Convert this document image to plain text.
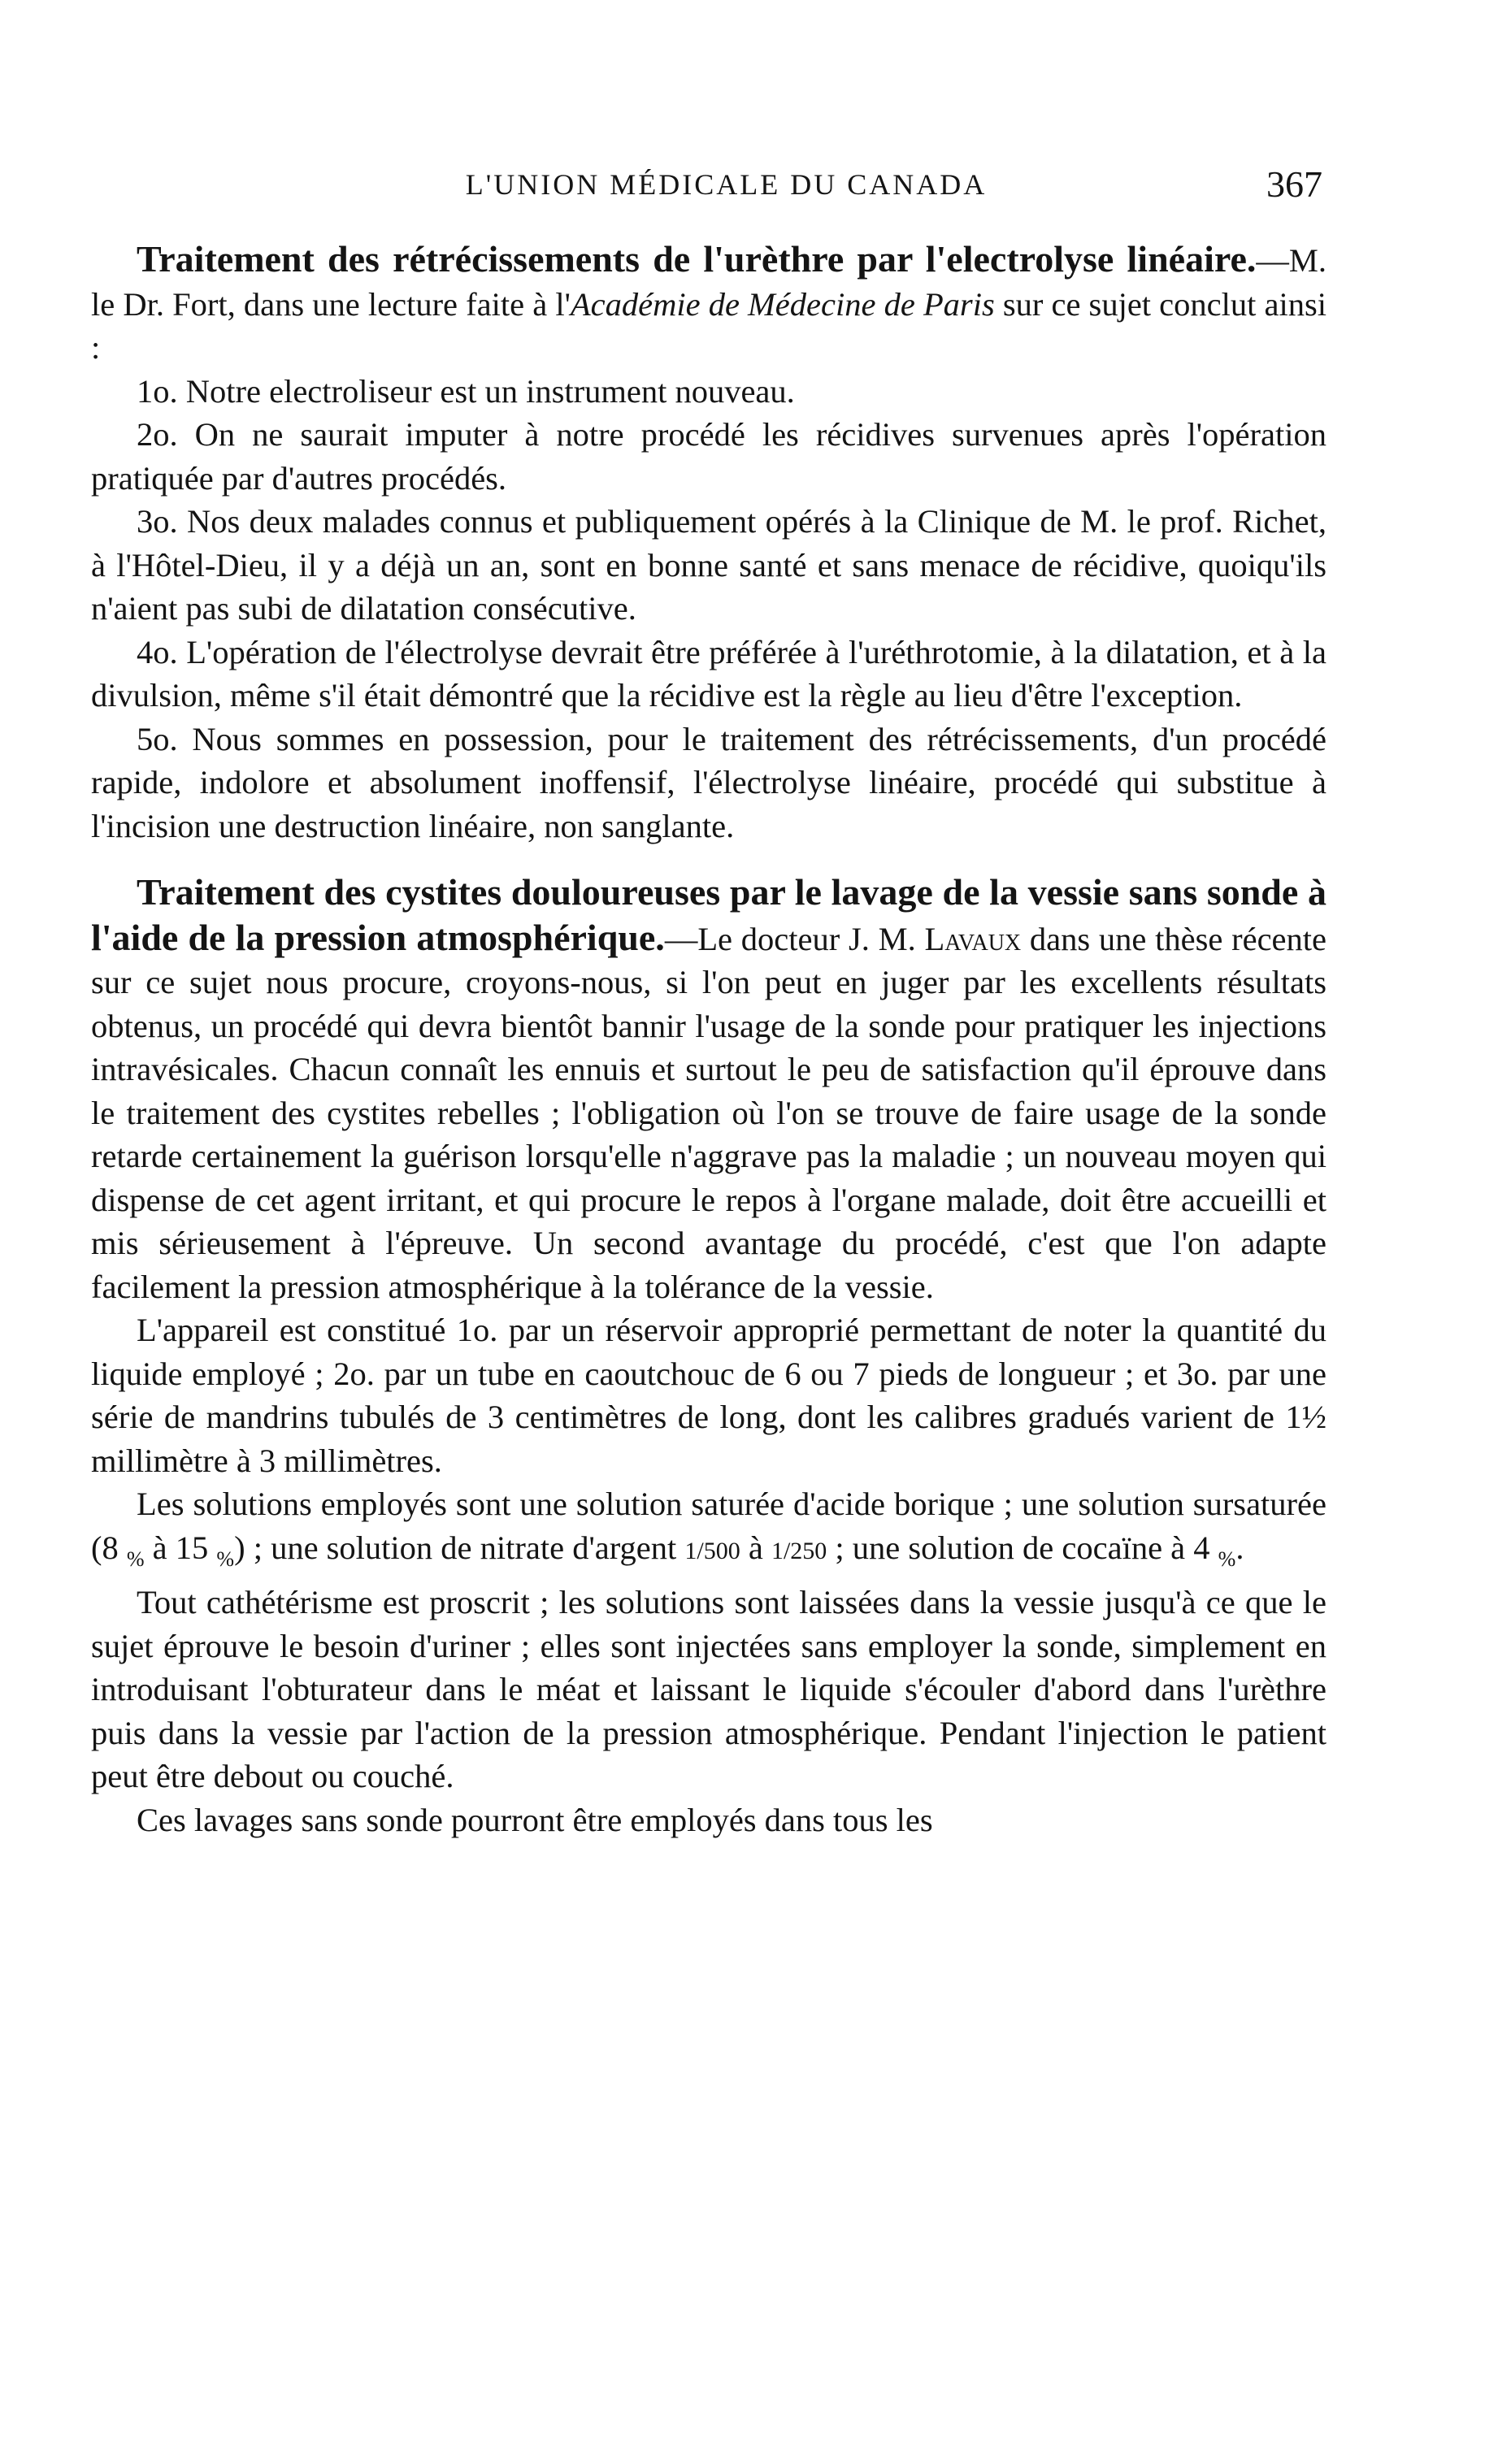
L'UNION MÉDICALE DU CANADA	367

Traitement des rétrécissements de l'urèthre par l'electrolyse linéaire.—M. le Dr. Fort, dans une lecture faite à l'Académie de Médecine de Paris sur ce sujet conclut ainsi :

1o. Notre electroliseur est un instrument nouveau.

2o. On ne saurait imputer à notre procédé les récidives survenues après l'opération pratiquée par d'autres procédés.

3o. Nos deux malades connus et publiquement opérés à la Clinique de M. le prof. Richet, à l'Hôtel-Dieu, il y a déjà un an, sont en bonne santé et sans menace de récidive, quoiqu'ils n'aient pas subi de dilatation consécutive.

4o. L'opération de l'électrolyse devrait être préférée à l'uréthrotomie, à la dilatation, et à la divulsion, même s'il était démontré que la récidive est la règle au lieu d'être l'exception.

5o. Nous sommes en possession, pour le traitement des rétrécissements, d'un procédé rapide, indolore et absolument inoffensif, l'électrolyse linéaire, procédé qui substitue à l'incision une destruction linéaire, non sanglante.

Traitement des cystites douloureuses par le lavage de la vessie sans sonde à l'aide de la pression atmosphérique.—Le docteur J. M. Lavaux dans une thèse récente sur ce sujet nous procure, croyons-nous, si l'on peut en juger par les excellents résultats obtenus, un procédé qui devra bientôt bannir l'usage de la sonde pour pratiquer les injections intravésicales. Chacun connaît les ennuis et surtout le peu de satisfaction qu'il éprouve dans le traitement des cystites rebelles ; l'obligation où l'on se trouve de faire usage de la sonde retarde certainement la guérison lorsqu'elle n'aggrave pas la maladie ; un nouveau moyen qui dispense de cet agent irritant, et qui procure le repos à l'organe malade, doit être accueilli et mis sérieusement à l'épreuve. Un second avantage du procédé, c'est que l'on adapte facilement la pression atmosphérique à la tolérance de la vessie.

L'appareil est constitué 1o. par un réservoir approprié permettant de noter la quantité du liquide employé ; 2o. par un tube en caoutchouc de 6 ou 7 pieds de longueur ; et 3o. par une série de mandrins tubulés de 3 centimètres de long, dont les calibres gradués varient de 1½ millimètre à 3 millimètres.

Les solutions employés sont une solution saturée d'acide borique ; une solution sursaturée (8 $_{\%}$ à 15 $_{\%}$) ; une solution de nitrate d'argent 1/500 à 1/250 ; une solution de cocaïne à 4 $_{\%}$.

Tout cathétérisme est proscrit ; les solutions sont laissées dans la vessie jusqu'à ce que le sujet éprouve le besoin d'uriner ; elles sont injectées sans employer la sonde, simplement en introduisant l'obturateur dans le méat et laissant le liquide s'écouler d'abord dans l'urèthre puis dans la vessie par l'action de la pression atmosphérique. Pendant l'injection le patient peut être debout ou couché.

Ces lavages sans sonde pourront être employés dans tous les
